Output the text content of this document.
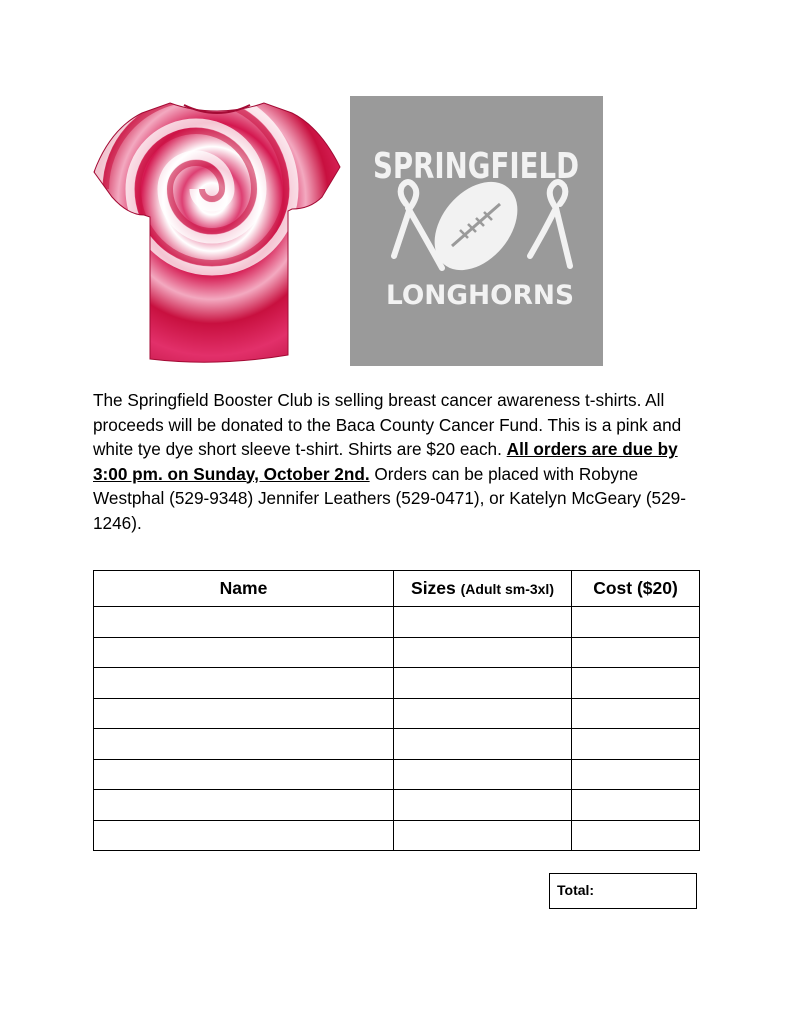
SPRINGFIELD
LONGHORNS
The Springfield Booster Club is selling breast cancer awareness t-shirts. All proceeds will be donated to the Baca County Cancer Fund. This is a pink and white tye dye short sleeve t-shirt. Shirts are $20 each. All orders are due by 3:00 pm. on Sunday, October 2nd. Orders can be placed with Robyne Westphal (529-9348) Jennifer Leathers (529-0471), or Katelyn McGeary (529-1246).
Name	Sizes (Adult sm-3xl)	Cost ($20)

Total:
